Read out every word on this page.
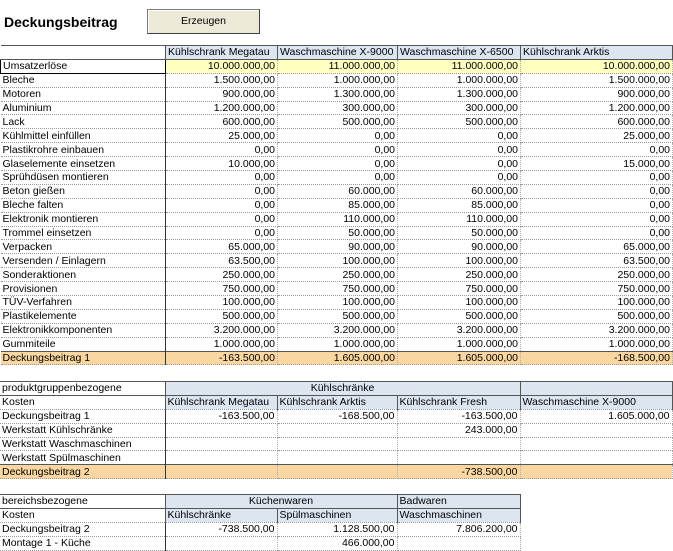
Deckungsbeitrag	Erzeugen
	Kühlschrank Megatau	Waschmaschine X-9000	Waschmaschine X-6500	Kühlschrank Arktis
Umsatzerlöse	10.000.000,00	11.000.000,00	11.000.000,00	10.000.000,00
Bleche	1.500.000,00	1.000.000,00	1.000.000,00	1.500.000,00
Motoren	900.000,00	1.300.000,00	1.300.000,00	900.000,00
Aluminium	1.200.000,00	300.000,00	300.000,00	1.200.000,00
Lack	600.000,00	500.000,00	500.000,00	600.000,00
Kühlmittel einfüllen	25.000,00	0,00	0,00	25.000,00
Plastikrohre einbauen	0,00	0,00	0,00	0,00
Glaselemente einsetzen	10.000,00	0,00	0,00	15.000,00
Sprühdüsen montieren	0,00	0,00	0,00	0,00
Beton gießen	0,00	60.000,00	60.000,00	0,00
Bleche falten	0,00	85.000,00	85.000,00	0,00
Elektronik montieren	0,00	110.000,00	110.000,00	0,00
Trommel einsetzen	0,00	50.000,00	50.000,00	0,00
Verpacken	65.000,00	90.000,00	90.000,00	65.000,00
Versenden / Einlagern	63.500,00	100.000,00	100.000,00	63.500,00
Sonderaktionen	250.000,00	250.000,00	250.000,00	250.000,00
Provisionen	750.000,00	750.000,00	750.000,00	750.000,00
TÜV-Verfahren	100.000,00	100.000,00	100.000,00	100.000,00
Plastikelemente	500.000,00	500.000,00	500.000,00	500.000,00
Elektronikkomponenten	3.200.000,00	3.200.000,00	3.200.000,00	3.200.000,00
Gummiteile	1.000.000,00	1.000.000,00	1.000.000,00	1.000.000,00
Deckungsbeitrag 1	-163.500,00	1.605.000,00	1.605.000,00	-168.500,00
produktgruppenbezogene	Kühlschränke			
Kosten	Kühlschrank Megatau	Kühlschrank Arktis	Kühlschrank Fresh	Waschmaschine X-9000
Deckungsbeitrag 1	-163.500,00	-168.500,00	-163.500,00	1.605.000,00
Werkstatt Kühlschränke			243.000,00	
Werkstatt Waschmaschinen				
Werkstatt Spülmaschinen				
Deckungsbeitrag 2			-738.500,00	
bereichsbezogene	Küchenwaren		Badwaren
Kosten	Kühlschränke	Spülmaschinen	Waschmaschinen
Deckungsbeitrag 2	-738.500,00	1.128.500,00	7.806.200,00
Montage 1 - Küche		466.000,00	
